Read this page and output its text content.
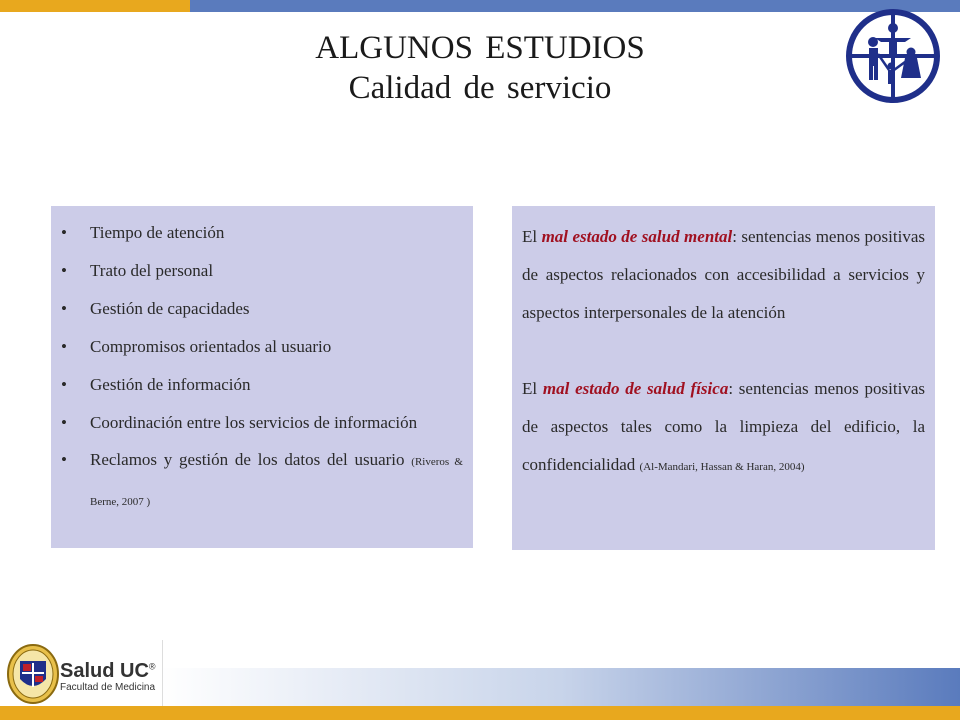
ALGUNOS ESTUDIOS
Calidad de servicio
• Tiempo de atención
• Trato del personal
• Gestión de capacidades
• Compromisos orientados al usuario
• Gestión de información
• Coordinación entre los servicios de información
• Reclamos y gestión de los datos del usuario (Riveros & Berne, 2007 )

El mal estado de salud mental: sentencias menos positivas de aspectos relacionados con accesibilidad a servicios y aspectos interpersonales de la atención

El mal estado de salud física: sentencias menos positivas de aspectos tales como la limpieza del edificio, la confidencialidad (Al-Mandari, Hassan & Haran, 2004)

Salud UC®
Facultad de Medicina
